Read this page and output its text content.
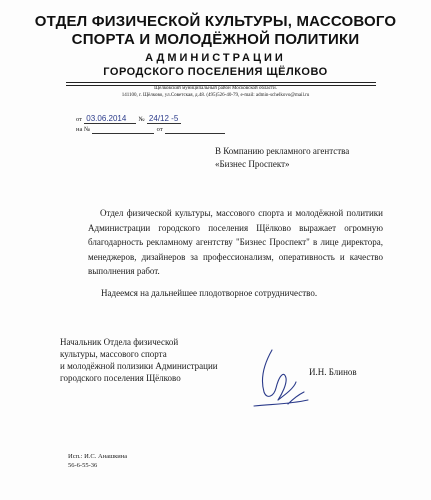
ОТДЕЛ ФИЗИЧЕСКОЙ КУЛЬТУРЫ, МАССОВОГО
СПОРТА И МОЛОДЁЖНОЙ ПОЛИТИКИ
АДМИНИСТРАЦИИ
ГОРОДСКОГО ПОСЕЛЕНИЯ ЩЁЛКОВО
Щёлковский муниципальный район Московской области.
141100, г. Щёлково, ул.Советская, д.48. (495)526-40-79, e-mail: admin-schelkovo@mail.ru
от 03.06.2014 № 24/12 -5
на №	от
В Компанию рекламного агентства
«Бизнес Проспект»
Отдел физической культуры, массового спорта и молодёжной политики Администрации городского поселения Щёлково выражает огромную благодарность рекламному агентству "Бизнес Проспект" в лице директора, менеджеров, дизайнеров за профессионализм, оперативность и качество выполнения работ.
Надеемся на дальнейшее плодотворное сотрудничество.
Начальник Отдела физической
культуры, массового спорта
и молодёжной полизики Администрации
городского поселения Щёлково
И.Н. Блинов
Исп.: И.С. Анашкина
56-6-55-36
